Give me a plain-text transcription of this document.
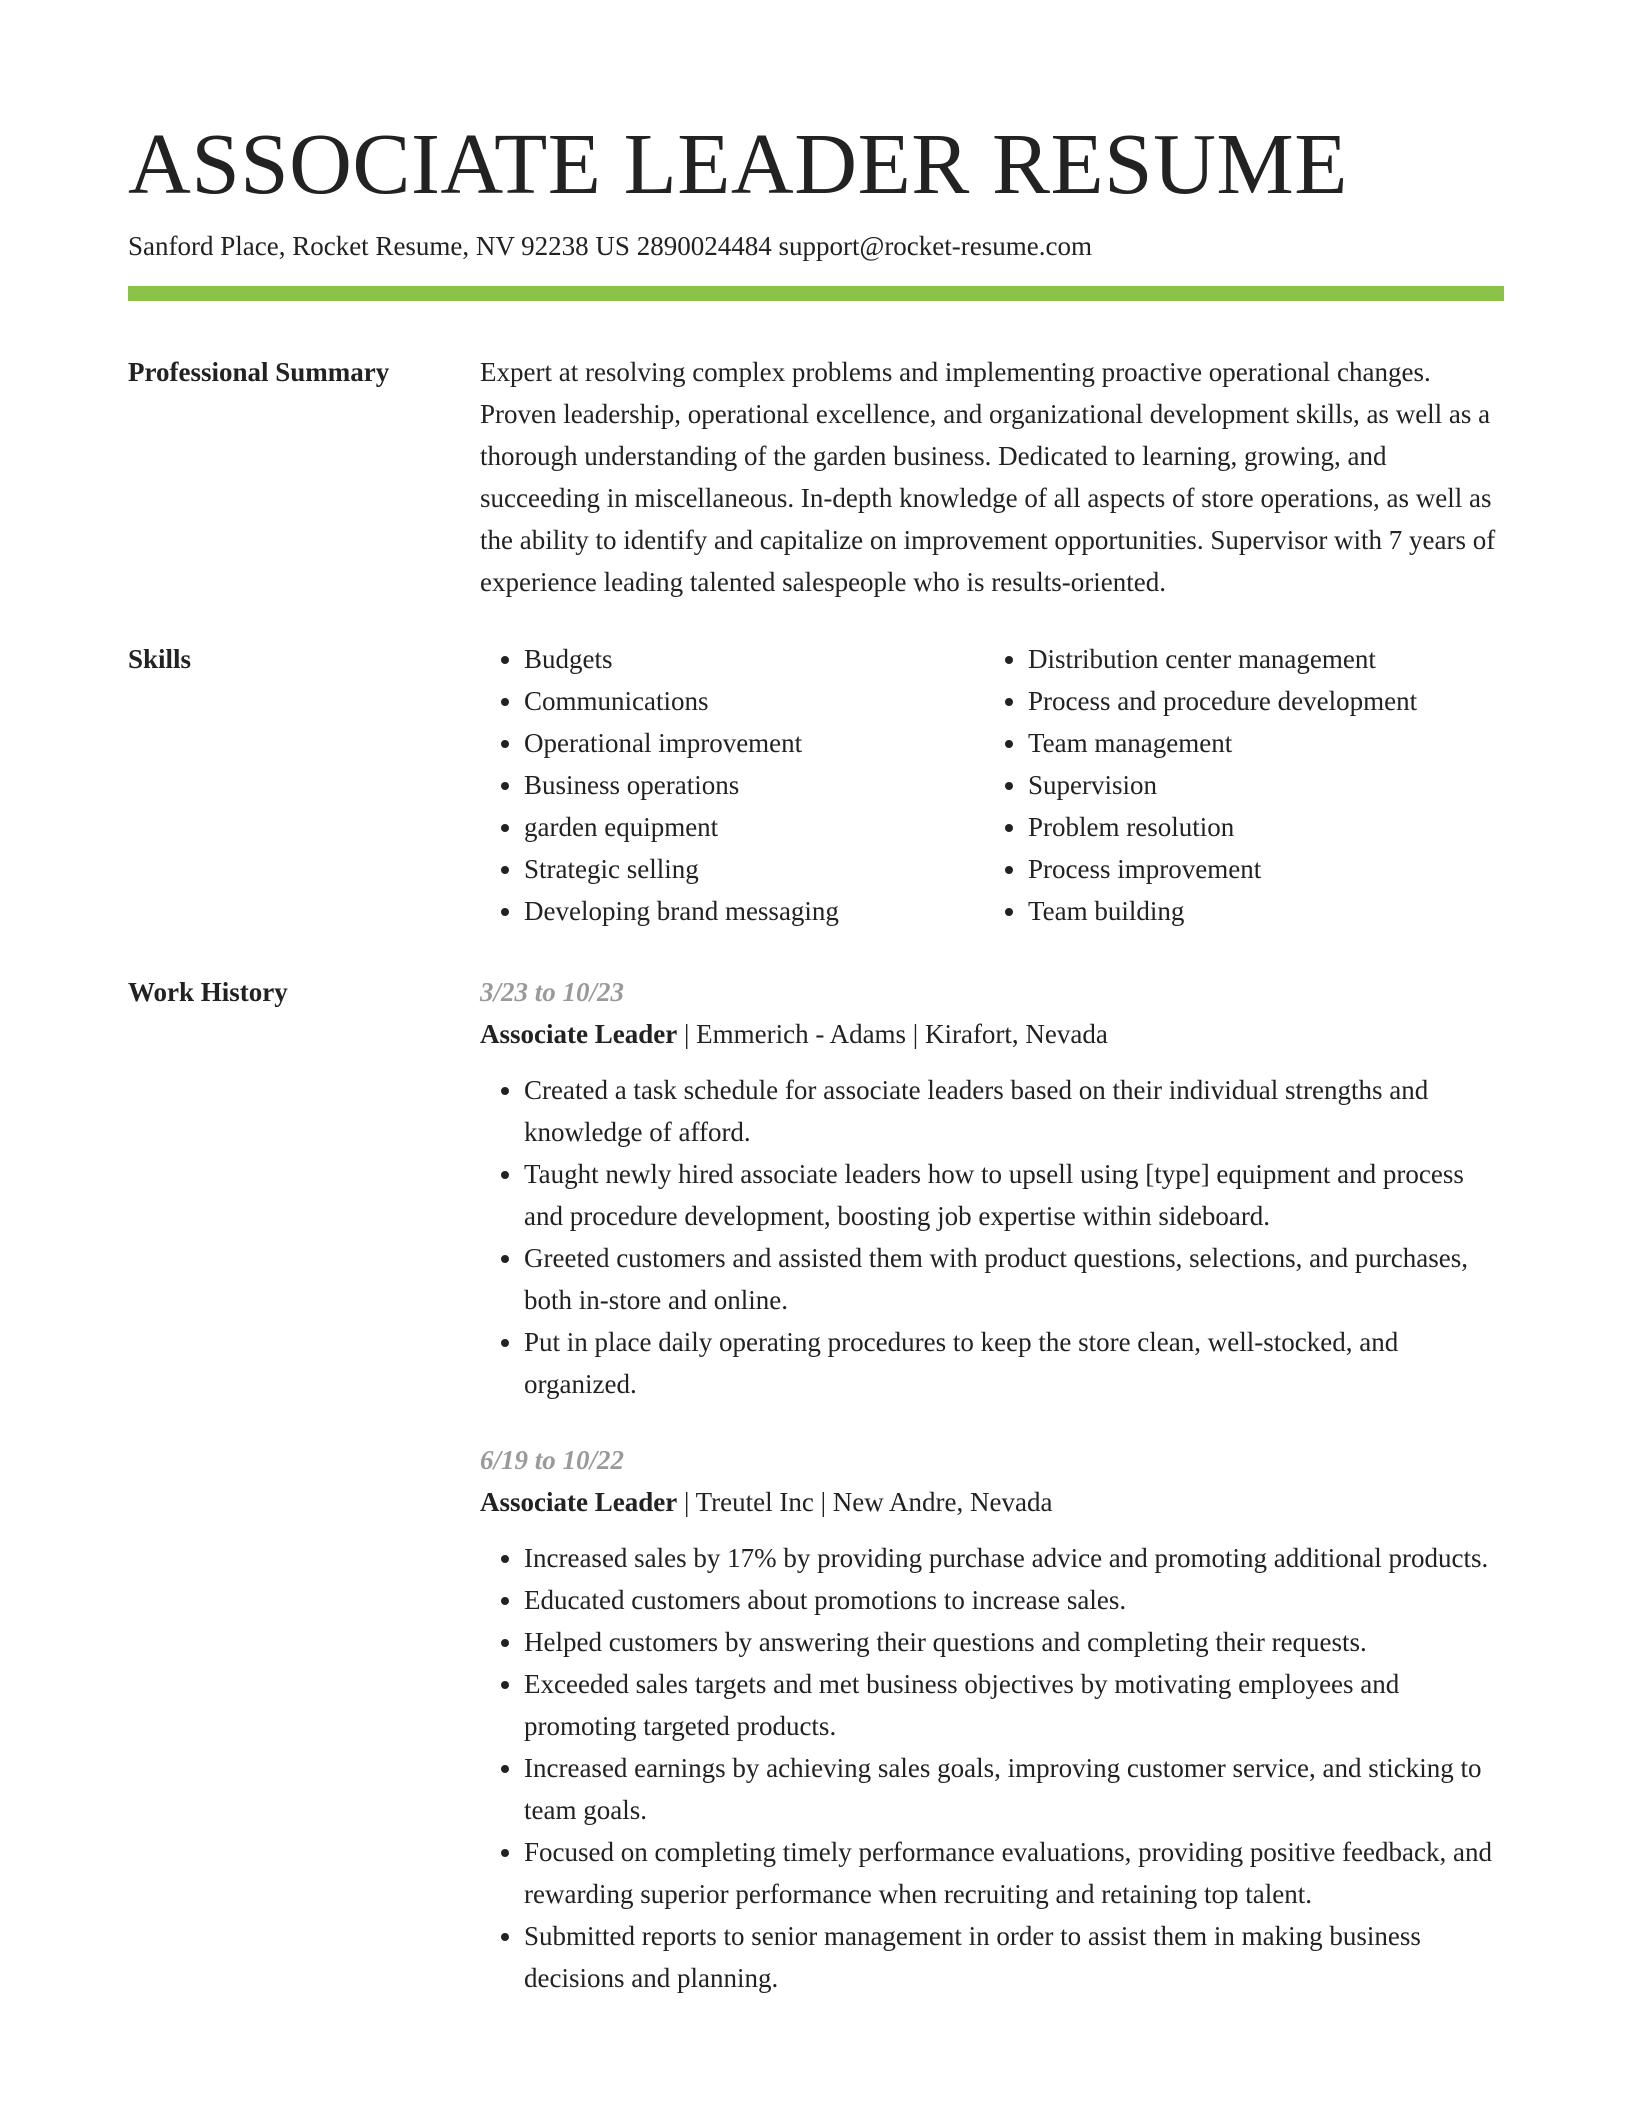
ASSOCIATE LEADER RESUME
Sanford Place, Rocket Resume, NV 92238 US 2890024484 support@rocket-resume.com
Professional Summary	Expert at resolving complex problems and implementing proactive operational changes. Proven leadership, operational excellence, and organizational development skills, as well as a thorough understanding of the garden business. Dedicated to learning, growing, and succeeding in miscellaneous. In-depth knowledge of all aspects of store operations, as well as the ability to identify and capitalize on improvement opportunities. Supervisor with 7 years of experience leading talented salespeople who is results-oriented.

Skills
•	Budgets
• Communications
• Operational improvement
• Business operations
• garden equipment
• Strategic selling
• Developing brand messaging
• Distribution center management
• Process and procedure development
• Team management
• Supervision
• Problem resolution
• Process improvement
• Team building
Work History	3/23 to 10/23
Associate Leader | Emmerich - Adams | Kirafort, Nevada
• Created a task schedule for associate leaders based on their individual strengths and knowledge of afford.
• Taught newly hired associate leaders how to upsell using [type] equipment and process and procedure development, boosting job expertise within sideboard.
• Greeted customers and assisted them with product questions, selections, and purchases, both in-store and online.
• Put in place daily operating procedures to keep the store clean, well-stocked, and organized.
6/19 to 10/22
Associate Leader | Treutel Inc | New Andre, Nevada
• Increased sales by 17% by providing purchase advice and promoting additional products.
• Educated customers about promotions to increase sales.
• Helped customers by answering their questions and completing their requests.
• Exceeded sales targets and met business objectives by motivating employees and promoting targeted products.
• Increased earnings by achieving sales goals, improving customer service, and sticking to team goals.
• Focused on completing timely performance evaluations, providing positive feedback, and rewarding superior performance when recruiting and retaining top talent.
• Submitted reports to senior management in order to assist them in making business decisions and planning.
